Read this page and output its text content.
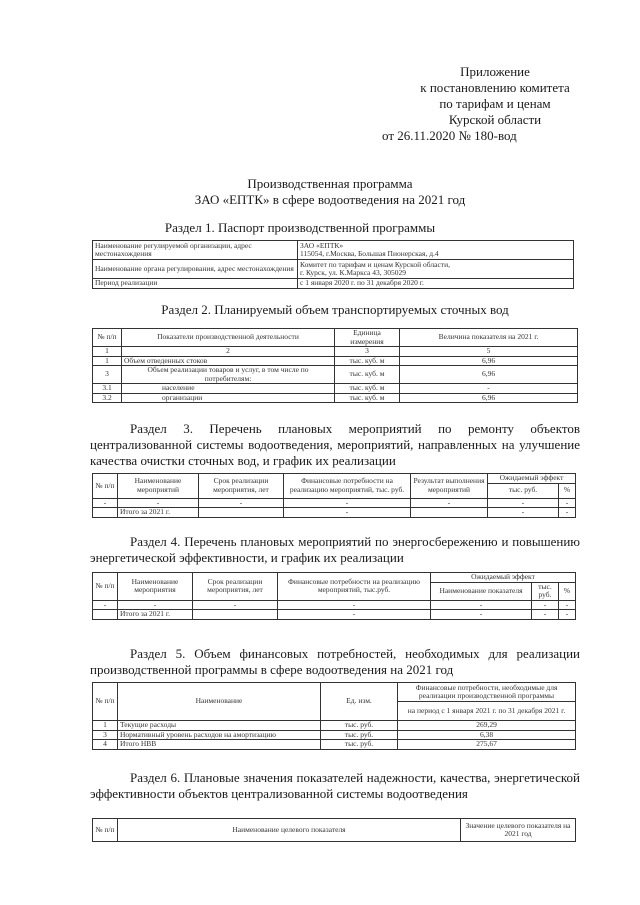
Приложение
к постановлению комитета
по тарифам и ценам
Курской области
от 26.11.2020 № 180-вод
Производственная программа
ЗАО «ЕПТК» в сфере водоотведения на 2021 год
Раздел 1. Паспорт производственной программы
Наименование регулируемой организации, адрес местонахождения	ЗАО «ЕПТК»
115054, г.Москва, Большая Пионерская, д.4
Наименование органа регулирования, адрес местонахождения	Комитет по тарифам и ценам Курской области,
г. Курск, ул. К.Маркса 43, 305029
Период реализации	с 1 января 2020 г. по 31 декабря 2020 г.
Раздел 2. Планируемый объем транспортируемых сточных вод
№ п/п	Показатели производственной деятельности	Единица измерения	Величина показателя на 2021 г.
1	2	3	5
1	Объем отведенных стоков	тыс. куб. м	6,96
3	Объем реализации товаров и услуг, в том числе по потребителям:	тыс. куб. м	6,96
3.1	население	тыс. куб. м	-
3.2	организации	тыс. куб. м	6,96
Раздел 3. Перечень плановых мероприятий по ремонту объектов централизованной системы водоотведения, мероприятий, направленных на улучшение качества очистки сточных вод, и график их реализации
№ п/п	Наименование мероприятий	Срок реализации мероприятия, лет	Финансовые потребности на реализацию мероприятий, тыс. руб.	Результат выполнения мероприятий	Ожидаемый эффект	
					тыс. руб.	%
-	-	-	-	-	-	-
	Итого за 2021 г.		-		-	-
Раздел 4. Перечень плановых мероприятий по энергосбережению и повышению энергетической эффективности, и график их реализации
№ п/п	Наименование мероприятия	Срок реализации мероприятия, лет	Финансовые потребности на реализацию мероприятий, тыс.руб.	Ожидаемый эффект		
				Наименование показателя	тыс. руб.	%
-	-	-	-	-	-	-
	Итого за 2021 г.		-	-	-	-
Раздел 5. Объем финансовых потребностей, необходимых для реализации производственной программы в сфере водоотведения на 2021 год
№ п/п	Наименование	Ед. изм.	Финансовые потребности, необходимые для реализации производственной программы
			на период с 1 января 2021 г. по 31 декабря 2021 г.
1	Текущие расходы	тыс. руб.	269,29
3	Нормативный уровень расходов на амортизацию	тыс. руб.	6,38
4	Итого НВВ	тыс. руб.	275,67
Раздел 6. Плановые значения показателей надежности, качества, энергетической эффективности объектов централизованной системы водоотведения
№ п/п	Наименование целевого показателя	Значение целевого показателя на 2021 год
